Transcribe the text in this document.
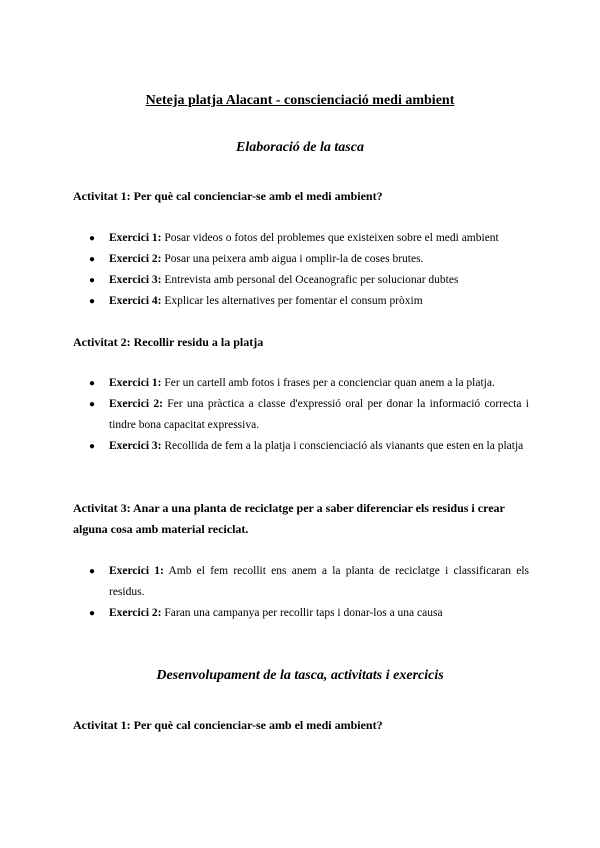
Neteja platja Alacant - conscienciació medi ambient
Elaboració de la tasca
Activitat 1: Per què cal concienciar-se amb el medi ambient?
● Exercici 1: Posar videos o fotos del problemes que existeixen sobre el medi ambient
● Exercici 2: Posar una peixera amb aigua i omplir-la de coses brutes.
● Exercici 3: Entrevista amb personal del Oceanografic per solucionar dubtes
● Exercici 4: Explicar les alternatives per fomentar el consum pròxim
Activitat 2: Recollir residu a la platja
● Exercici 1: Fer un cartell amb fotos i frases per a concienciar quan anem a la platja.
● Exercici 2: Fer una pràctica a classe d'expressió oral per donar la informació correcta i tindre bona capacitat expressiva.
● Exercici 3: Recollida de fem a la platja i conscienciació als vianants que esten en la platja
Activitat 3: Anar a una planta de reciclatge per a saber diferenciar els residus i crear alguna cosa amb material reciclat.
● Exercici 1: Amb el fem recollit ens anem a la planta de reciclatge i classificaran els residus.
● Exercici 2: Faran una campanya per recollir taps i donar-los a una causa
Desenvolupament de la tasca, activitats i exercicis
Activitat 1: Per què cal concienciar-se amb el medi ambient?
